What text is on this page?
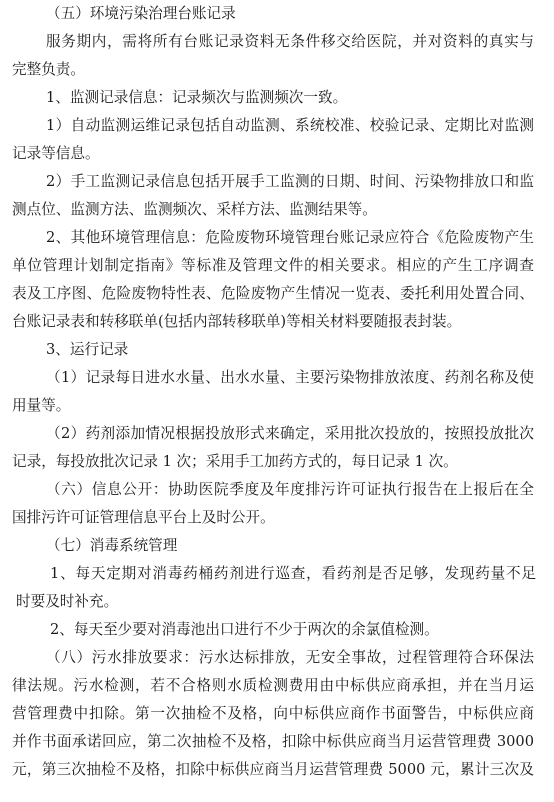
（五）环境污染治理台账记录

服务期内，需将所有台账记录资料无条件移交给医院，并对资料的真实与

完整负责。

1、监测记录信息：记录频次与监测频次一致。

1）自动监测运维记录包括自动监测、系统校准、校验记录、定期比对监测

记录等信息。

2）手工监测记录信息包括开展手工监测的日期、时间、污染物排放口和监

测点位、监测方法、监测频次、采样方法、监测结果等。

2、其他环境管理信息：危险废物环境管理台账记录应符合《危险废物产生

单位管理计划制定指南》等标准及管理文件的相关要求。相应的产生工序调查

表及工序图、危险废物特性表、危险废物产生情况一览表、委托利用处置合同、

台账记录表和转移联单(包括内部转移联单)等相关材料要随报表封装。

3、运行记录

（1）记录每日进水水量、出水水量、主要污染物排放浓度、药剂名称及使

用量等。

（2）药剂添加情况根据投放形式来确定，采用批次投放的，按照投放批次

记录，每投放批次记录 1 次；采用手工加药方式的，每日记录 1 次。

（六）信息公开：协助医院季度及年度排污许可证执行报告在上报后在全

国排污许可证管理信息平台上及时公开。

（七）消毒系统管理

1、每天定期对消毒药桶药剂进行巡查，看药剂是否足够，发现药量不足

时要及时补充。

2、每天至少要对消毒池出口进行不少于两次的余氯值检测。

（八）污水排放要求：污水达标排放，无安全事故，过程管理符合环保法

律法规。污水检测，若不合格则水质检测费用由中标供应商承担，并在当月运

营管理费中扣除。第一次抽检不及格，向中标供应商作书面警告，中标供应商

并作书面承诺回应，第二次抽检不及格，扣除中标供应商当月运营管理费 3000

元，第三次抽检不及格，扣除中标供应商当月运营管理费 5000 元，累计三次及
